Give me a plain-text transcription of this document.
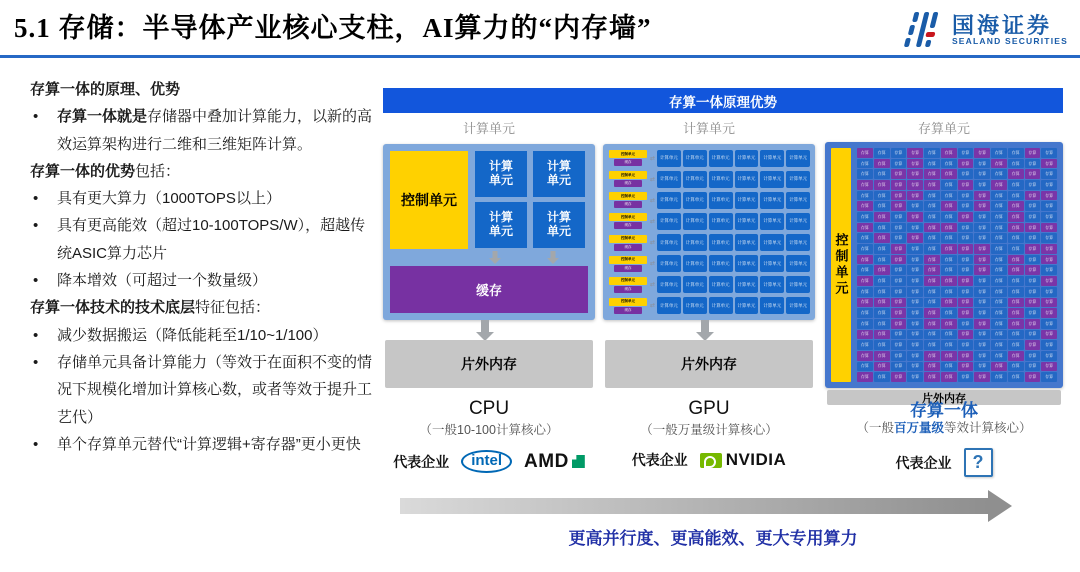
5.1 存储：半导体产业核心支柱，AI算力的“内存墙”	国海证券
SEALAND SECURITIES
存算一体的原理、优势
•	存算一体就是存储器中叠加计算能力，以新的高效运算架构进行二维和三维矩阵计算。
存算一体的优势包括：
•	具有更大算力（1000TOPS以上）
•	具有更高能效（超过10-100TOPS/W），超越传统ASIC算力芯片
•	降本增效（可超过一个数量级）
存算一体技术的技术底层特征包括：
•	减少数据搬运（降低能耗至1/10~1/100）
•	存储单元具备计算能力（等效于在面积不变的情况下规模化增加计算核心数，或者等效于提升工艺代）
•	单个存算单元替代“计算逻辑+寄存器”更小更快
存算一体原理优势
计算单元	计算单元	存算单元
控制单元
计算单元
计算单元
计算单元
计算单元
缓存
片外内存
控制单元
缓存
⇄	计算单元	计算单元	计算单元	计算单元	计算单元	计算单元
控制单元
缓存
⇄	计算单元	计算单元	计算单元	计算单元	计算单元	计算单元
控制单元
缓存
⇄	计算单元	计算单元	计算单元	计算单元	计算单元	计算单元
控制单元
缓存
⇄	计算单元	计算单元	计算单元	计算单元	计算单元	计算单元
控制单元
缓存
⇄	计算单元	计算单元	计算单元	计算单元	计算单元	计算单元
控制单元
缓存
⇄	计算单元	计算单元	计算单元	计算单元	计算单元	计算单元
控制单元
缓存
⇄	计算单元	计算单元	计算单元	计算单元	计算单元	计算单元
控制单元
缓存
⇄	计算单元	计算单元	计算单元	计算单元	计算单元	计算单元
片外内存
控制单元
存算	存算	存算	存算	存算	存算	存算	存算	存算	存算	存算	存算
存算	存算	存算	存算	存算	存算	存算	存算	存算	存算	存算	存算
存算	存算	存算	存算	存算	存算	存算	存算	存算	存算	存算	存算
存算	存算	存算	存算	存算	存算	存算	存算	存算	存算	存算	存算
存算	存算	存算	存算	存算	存算	存算	存算	存算	存算	存算	存算
存算	存算	存算	存算	存算	存算	存算	存算	存算	存算	存算	存算
存算	存算	存算	存算	存算	存算	存算	存算	存算	存算	存算	存算
存算	存算	存算	存算	存算	存算	存算	存算	存算	存算	存算	存算
存算	存算	存算	存算	存算	存算	存算	存算	存算	存算	存算	存算
存算	存算	存算	存算	存算	存算	存算	存算	存算	存算	存算	存算
存算	存算	存算	存算	存算	存算	存算	存算	存算	存算	存算	存算
存算	存算	存算	存算	存算	存算	存算	存算	存算	存算	存算	存算
存算	存算	存算	存算	存算	存算	存算	存算	存算	存算	存算	存算
存算	存算	存算	存算	存算	存算	存算	存算	存算	存算	存算	存算
存算	存算	存算	存算	存算	存算	存算	存算	存算	存算	存算	存算
存算	存算	存算	存算	存算	存算	存算	存算	存算	存算	存算	存算
存算	存算	存算	存算	存算	存算	存算	存算	存算	存算	存算	存算
存算	存算	存算	存算	存算	存算	存算	存算	存算	存算	存算	存算
存算	存算	存算	存算	存算	存算	存算	存算	存算	存算	存算	存算
存算	存算	存算	存算	存算	存算	存算	存算	存算	存算	存算	存算
存算	存算	存算	存算	存算	存算	存算	存算	存算	存算	存算	存算
存算	存算	存算	存算	存算	存算	存算	存算	存算	存算	存算	存算
片外内存
CPU
（一般10-100计算核心）
GPU
（一般万量级计算核心）
存算一体
（一般百万量级等效计算核心）
代表企业	intel	AMD	代表企业 NVIDIA	代表企业	?
更高并行度、更高能效、更大专用算力
